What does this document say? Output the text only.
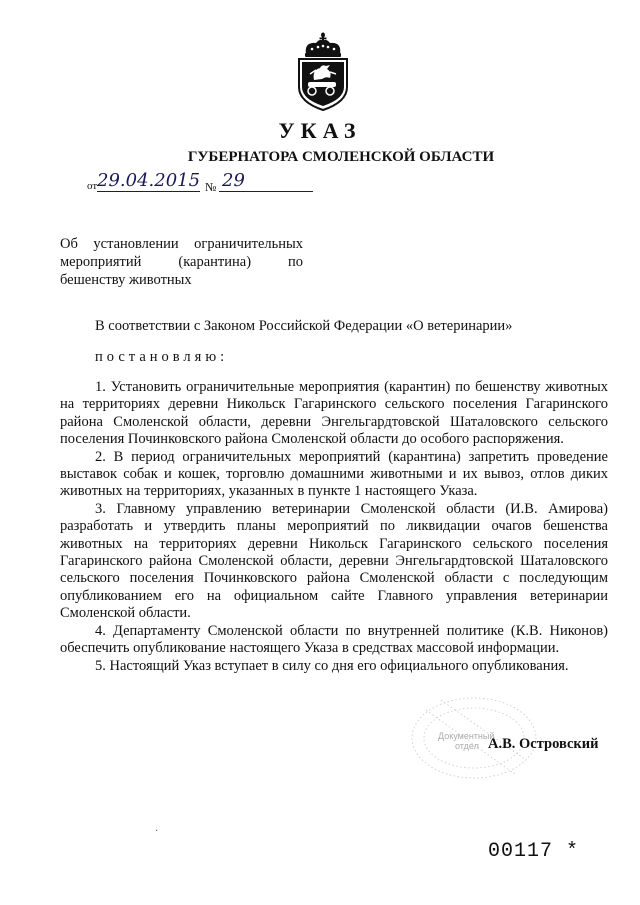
УКАЗ
ГУБЕРНАТОРА СМОЛЕНСКОЙ ОБЛАСТИ
от 29.04.2015 № 29
Об установлении ограничительных мероприятий (карантина) по бешенству животных
В соответствии с Законом Российской Федерации «О ветеринарии»
постановляю:

1. Установить ограничительные мероприятия (карантин) по бешенству животных на территориях деревни Никольск Гагаринского сельского поселения Гагаринского района Смоленской области, деревни Энгельгардтовской Шаталовского сельского поселения Починковского района Смоленской области до особого распоряжения.

2. В период ограничительных мероприятий (карантина) запретить проведение выставок собак и кошек, торговлю домашними животными и их вывоз, отлов диких животных на территориях, указанных в пункте 1 настоящего Указа.

3. Главному управлению ветеринарии Смоленской области (И.В. Амирова) разработать и утвердить планы мероприятий по ликвидации очагов бешенства животных на территориях деревни Никольск Гагаринского сельского поселения Гагаринского района Смоленской области, деревни Энгельгардтовской Шаталовского сельского поселения Починковского района Смоленской области с последующим опубликованием его на официальном сайте Главного управления ветеринарии Смоленской области.

4. Департаменту Смоленской области по внутренней политике (К.В. Никонов) обеспечить опубликование настоящего Указа в средствах массовой информации.

5. Настоящий Указ вступает в силу со дня его официального опубликования.

Документный
отдел А.В. Островский
·
00117 *
